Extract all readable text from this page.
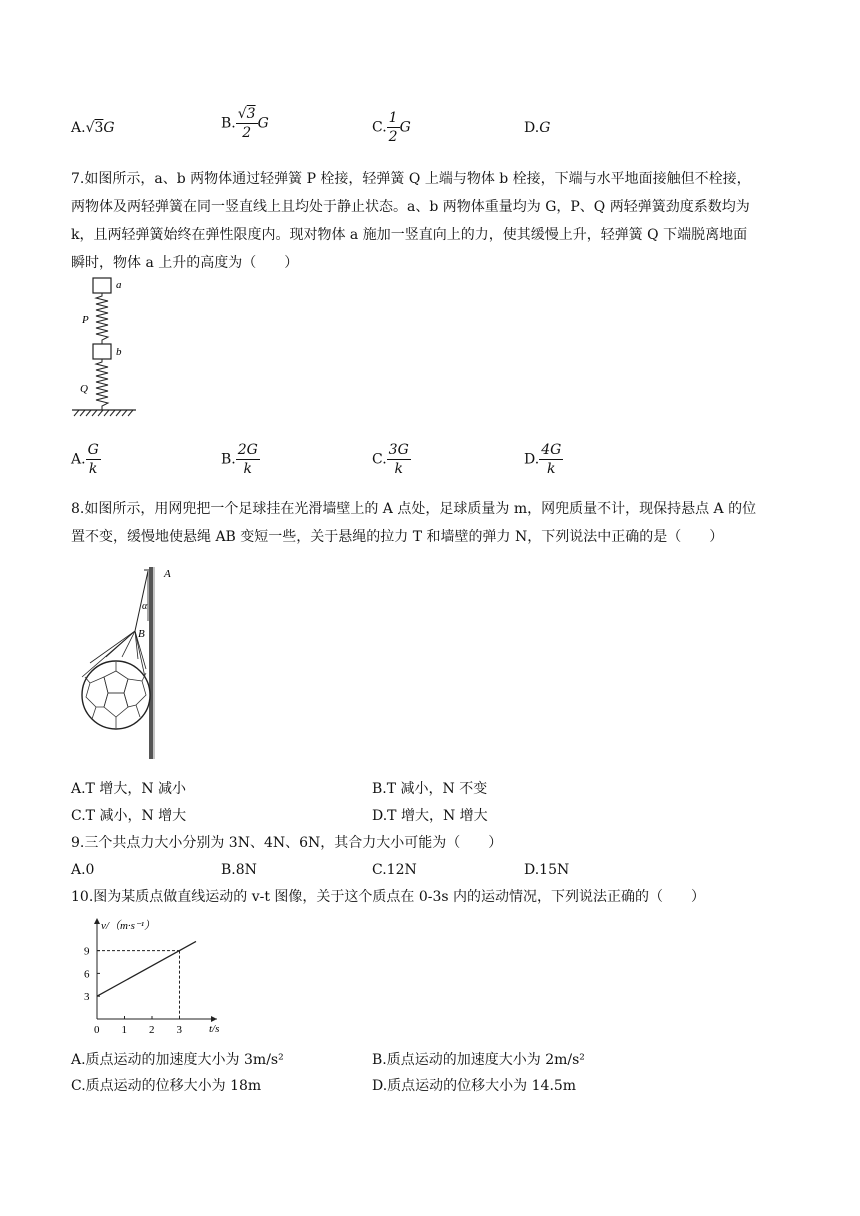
A.√3G	B. $\frac{√3}{2}$ G	C. $\frac{1}{2}$ G	D.G
7.如图所示，a、b 两物体通过轻弹簧 P 栓接，轻弹簧 Q 上端与物体 b 栓接，下端与水平地面接触但不栓接，
两物体及两轻弹簧在同一竖直线上且均处于静止状态。a、b 两物体重量均为 G，P、Q 两轻弹簧劲度系数均为
k，且两轻弹簧始终在弹性限度内。现对物体 a 施加一竖直向上的力，使其缓慢上升，轻弹簧 Q 下端脱离地面
瞬时，物体 a 上升的高度为（　　）
a
P
b
Q
A. $\frac{G}{k}$	B. $\frac{2G}{k}$	C. $\frac{3G}{k}$	D. $\frac{4G}{k}$
8.如图所示，用网兜把一个足球挂在光滑墙壁上的 A 点处，足球质量为 m，网兜质量不计，现保持悬点 A 的位
置不变，缓慢地使悬绳 AB 变短一些，关于悬绳的拉力 T 和墙壁的弹力 N，下列说法中正确的是（　　）
A
α
B
A.T 增大，N 减小	B.T 减小，N 不变
C.T 减小，N 增大	D.T 增大，N 增大
9.三个共点力大小分别为 3N、4N、6N，其合力大小可能为（　　）
A.0	B.8N	C.12N	D.15N
10.图为某质点做直线运动的 v-t 图像，关于这个质点在 0-3s 内的运动情况，下列说法正确的（　　）
v/（m·s⁻¹）
t/s
0 1 2 3
3
6
9
A.质点运动的加速度大小为 3m/s²	B.质点运动的加速度大小为 2m/s²
C.质点运动的位移大小为 18m	D.质点运动的位移大小为 14.5m
